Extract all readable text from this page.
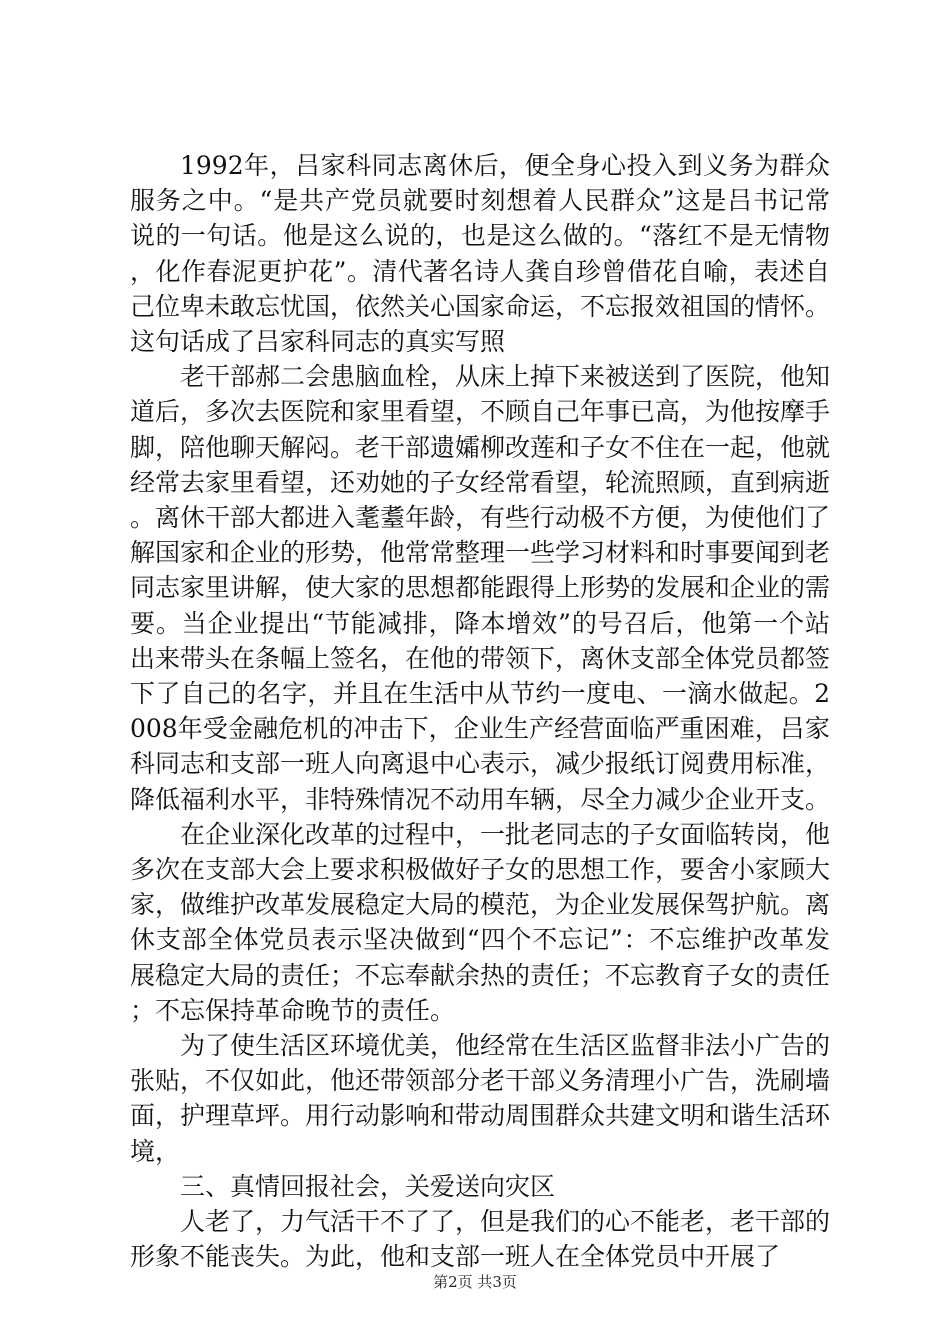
1992年，吕家科同志离休后，便全身心投入到义务为群众服务之中。“是共产党员就要时刻想着人民群众”这是吕书记常说的一句话。他是这么说的，也是这么做的。“落红不是无情物，化作春泥更护花”。清代著名诗人龚自珍曾借花自喻，表述自己位卑未敢忘忧国，依然关心国家命运，不忘报效祖国的情怀。这句话成了吕家科同志的真实写照

老干部郝二会患脑血栓，从床上掉下来被送到了医院，他知道后，多次去医院和家里看望，不顾自己年事已高，为他按摩手脚，陪他聊天解闷。老干部遗孀柳改莲和子女不住在一起，他就经常去家里看望，还劝她的子女经常看望，轮流照顾，直到病逝。离休干部大都进入耄耋年龄，有些行动极不方便，为使他们了解国家和企业的形势，他常常整理一些学习材料和时事要闻到老同志家里讲解，使大家的思想都能跟得上形势的发展和企业的需要。当企业提出“节能减排，降本增效”的号召后，他第一个站出来带头在条幅上签名，在他的带领下，离休支部全体党员都签下了自己的名字，并且在生活中从节约一度电、一滴水做起。2008年受金融危机的冲击下，企业生产经营面临严重困难，吕家科同志和支部一班人向离退中心表示，减少报纸订阅费用标准，降低福利水平，非特殊情况不动用车辆，尽全力减少企业开支。

在企业深化改革的过程中，一批老同志的子女面临转岗，他多次在支部大会上要求积极做好子女的思想工作，要舍小家顾大家，做维护改革发展稳定大局的模范，为企业发展保驾护航。离休支部全体党员表示坚决做到“四个不忘记”：不忘维护改革发展稳定大局的责任；不忘奉献余热的责任；不忘教育子女的责任；不忘保持革命晚节的责任。

为了使生活区环境优美，他经常在生活区监督非法小广告的张贴，不仅如此，他还带领部分老干部义务清理小广告，洗刷墙面，护理草坪。用行动影响和带动周围群众共建文明和谐生活环境，

三、真情回报社会，关爱送向灾区

人老了，力气活干不了了，但是我们的心不能老，老干部的形象不能丧失。为此，他和支部一班人在全体党员中开展了

第2页 共3页
